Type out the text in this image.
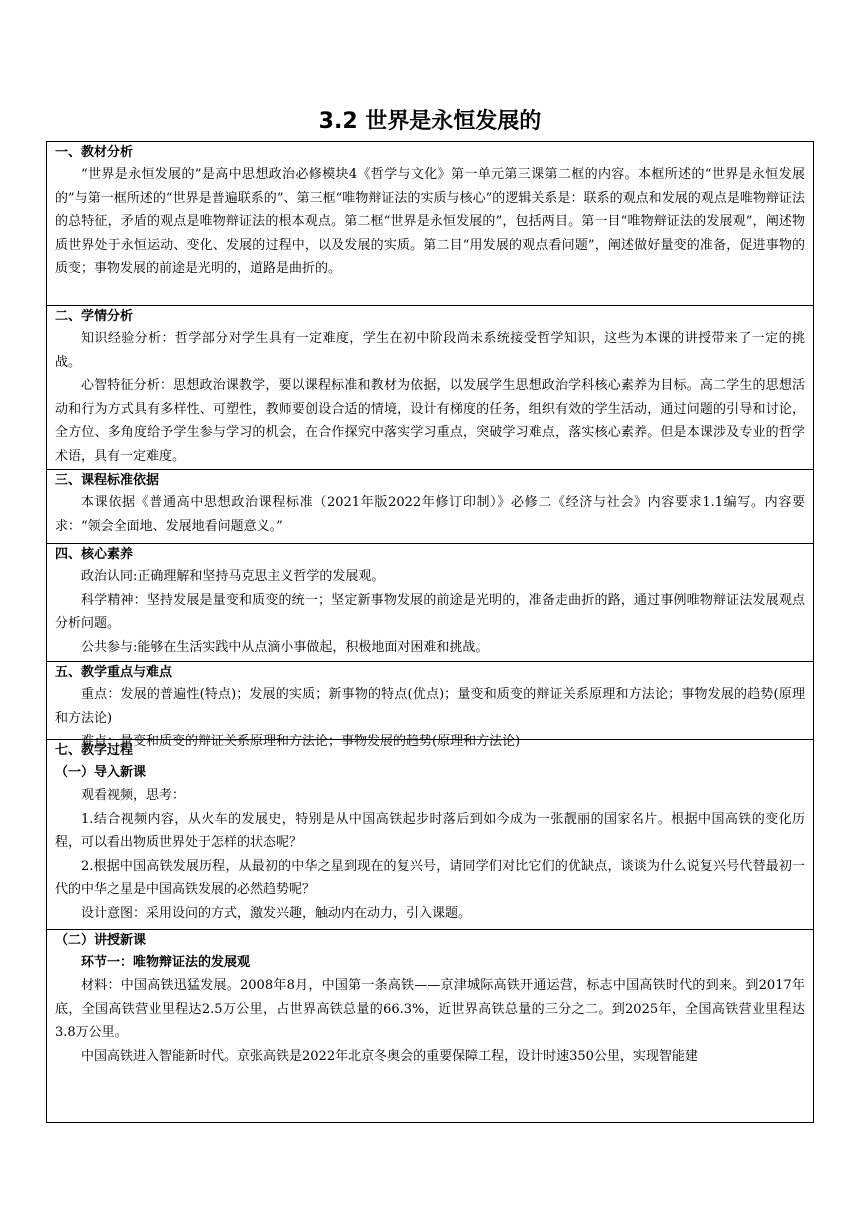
3.2 世界是永恒发展的
一、教材分析

“世界是永恒发展的”是高中思想政治必修模块4《哲学与文化》第一单元第三课第二框的内容。本框所述的“世界是永恒发展的”与第一框所述的“世界是普遍联系的”、第三框“唯物辩证法的实质与核心”的逻辑关系是：联系的观点和发展的观点是唯物辩证法的总特征，矛盾的观点是唯物辩证法的根本观点。第二框“世界是永恒发展的”，包括两目。第一目“唯物辩证法的发展观”，阐述物质世界处于永恒运动、变化、发展的过程中，以及发展的实质。第二目“用发展的观点看问题”，阐述做好量变的准备，促进事物的质变；事物发展的前途是光明的，道路是曲折的。

二、学情分析

知识经验分析：哲学部分对学生具有一定难度，学生在初中阶段尚未系统接受哲学知识，这些为本课的讲授带来了一定的挑战。

心智特征分析：思想政治课教学，要以课程标准和教材为依据，以发展学生思想政治学科核心素养为目标。高二学生的思想活动和行为方式具有多样性、可塑性，教师要创设合适的情境，设计有梯度的任务，组织有效的学生活动，通过问题的引导和讨论，全方位、多角度给予学生参与学习的机会，在合作探究中落实学习重点，突破学习难点，落实核心素养。但是本课涉及专业的哲学术语，具有一定难度。

三、课程标准依据

本课依据《普通高中思想政治课程标准（2021年版2022年修订印制）》必修二《经济与社会》内容要求1.1编写。内容要求：“领会全面地、发展地看问题意义。”

四、核心素养

政治认同:正确理解和坚持马克思主义哲学的发展观。

科学精神：坚持发展是量变和质变的统一；坚定新事物发展的前途是光明的，准备走曲折的路，通过事例唯物辩证法发展观点分析问题。

公共参与:能够在生活实践中从点滴小事做起，积极地面对困难和挑战。

五、教学重点与难点

重点：发展的普遍性(特点)；发展的实质；新事物的特点(优点)；量变和质变的辩证关系原理和方法论；事物发展的趋势(原理和方法论)

难点：量变和质变的辩证关系原理和方法论；事物发展的趋势(原理和方法论)

七、教学过程
（一）导入新课

观看视频，思考：

1.结合视频内容，从火车的发展史，特别是从中国高铁起步时落后到如今成为一张靓丽的国家名片。根据中国高铁的变化历程，可以看出物质世界处于怎样的状态呢？

2.根据中国高铁发展历程，从最初的中华之星到现在的复兴号，请同学们对比它们的优缺点，谈谈为什么说复兴号代替最初一代的中华之星是中国高铁发展的必然趋势呢？

设计意图：采用设问的方式，激发兴趣，触动内在动力，引入课题。

（二）讲授新课
环节一：唯物辩证法的发展观

材料：中国高铁迅猛发展。2008年8月，中国第一条高铁——京津城际高铁开通运营，标志中国高铁时代的到来。到2017年底，全国高铁营业里程达2.5万公里，占世界高铁总量的66.3%，近世界高铁总量的三分之二。到2025年，全国高铁营业里程达3.8万公里。

中国高铁进入智能新时代。京张高铁是2022年北京冬奥会的重要保障工程，设计时速350公里，实现智能建
